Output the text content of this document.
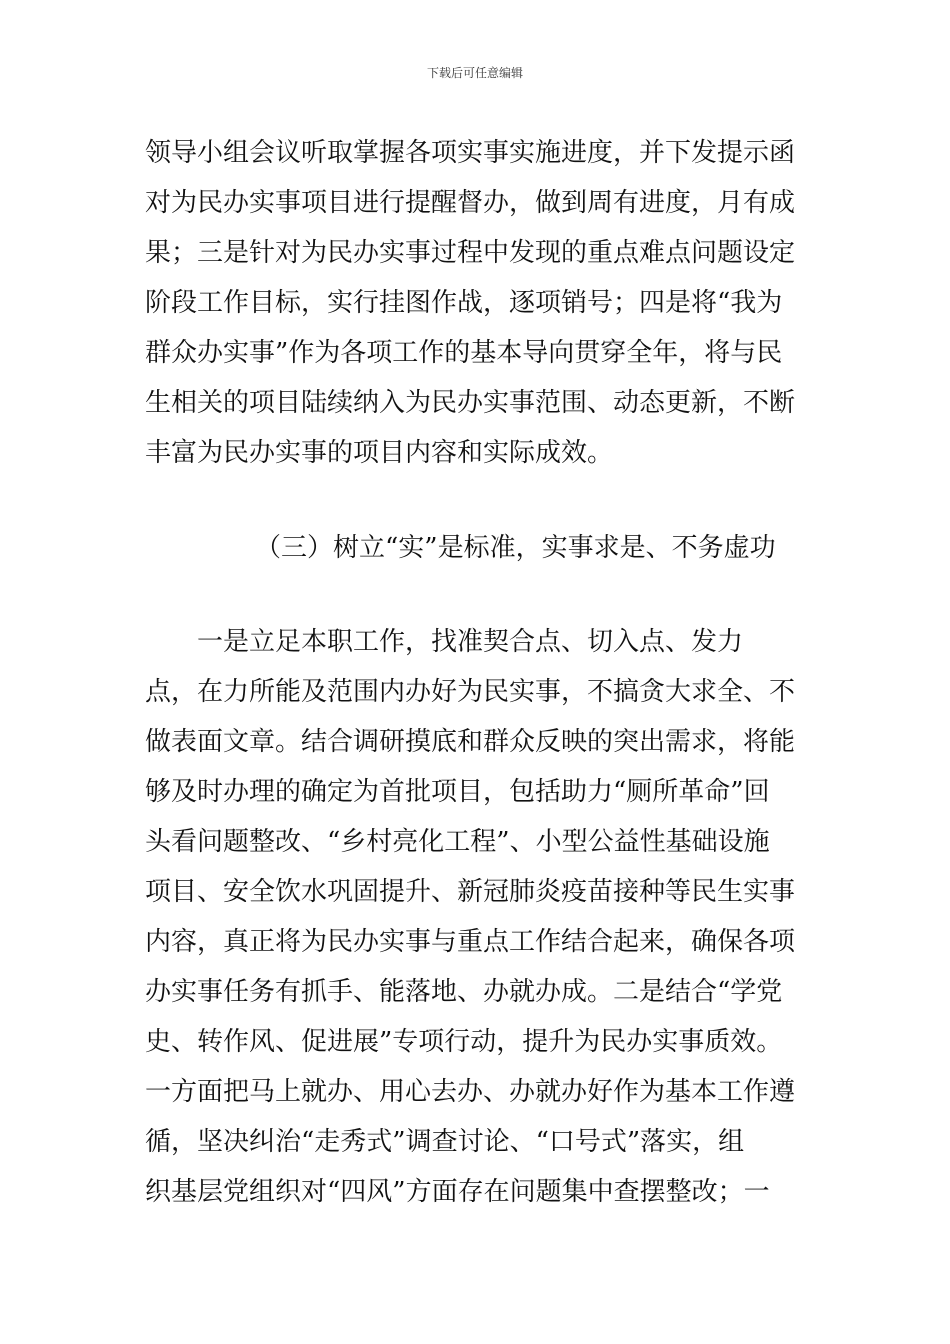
下载后可任意编辑
领导小组会议听取掌握各项实事实施进度，并下发提示函
对为民办实事项目进行提醒督办，做到周有进度，月有成
果；三是针对为民办实事过程中发现的重点难点问题设定
阶段工作目标，实行挂图作战，逐项销号；四是将“我为
群众办实事”作为各项工作的基本导向贯穿全年，将与民
生相关的项目陆续纳入为民办实事范围、动态更新，不断
丰富为民办实事的项目内容和实际成效。
（三）树立“实”是标准，实事求是、不务虚功
　　一是立足本职工作，找准契合点、切入点、发力
点，在力所能及范围内办好为民实事，不搞贪大求全、不
做表面文章。结合调研摸底和群众反映的突出需求，将能
够及时办理的确定为首批项目，包括助力“厕所革命”回
头看问题整改、“乡村亮化工程”、小型公益性基础设施
项目、安全饮水巩固提升、新冠肺炎疫苗接种等民生实事
内容，真正将为民办实事与重点工作结合起来，确保各项
办实事任务有抓手、能落地、办就办成。二是结合“学党
史、转作风、促进展”专项行动，提升为民办实事质效。
一方面把马上就办、用心去办、办就办好作为基本工作遵
循，坚决纠治“走秀式”调查讨论、“口号式”落实，组
织基层党组织对“四风”方面存在问题集中查摆整改；一
